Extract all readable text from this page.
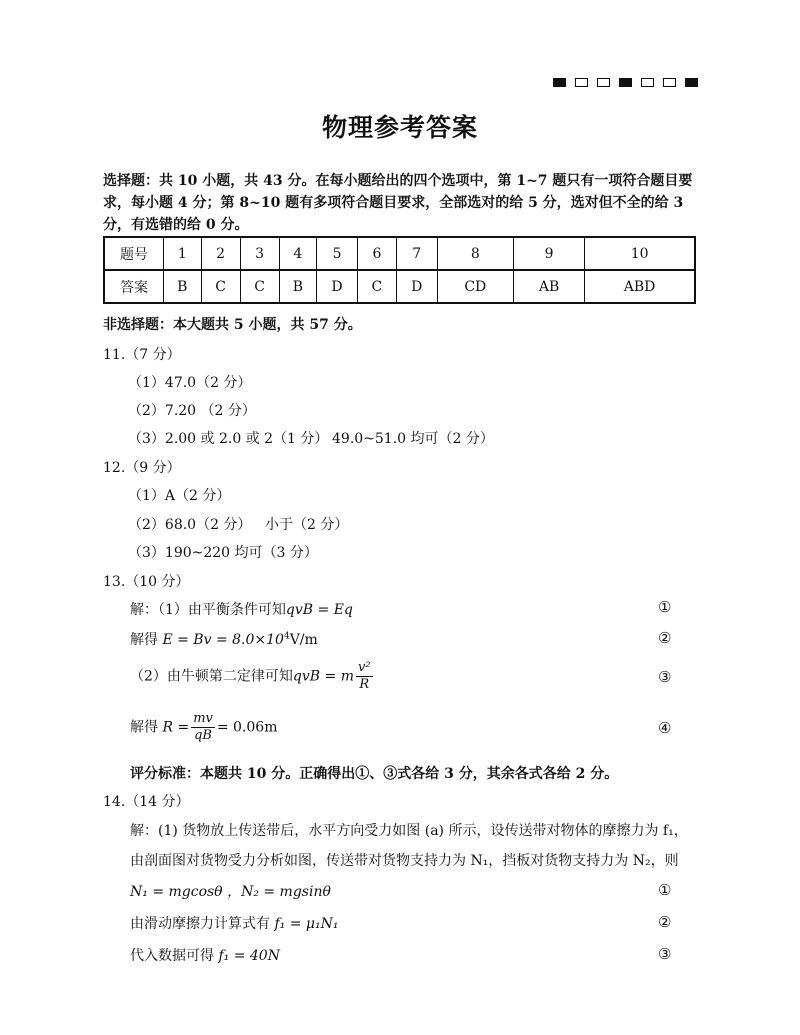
物理参考答案
选择题：共 10 小题，共 43 分。在每小题给出的四个选项中，第 1~7 题只有一项符合题目要求，每小题 4 分；第 8~10 题有多项符合题目要求，全部选对的给 5 分，选对但不全的给 3 分，有选错的给 0 分。
题号	1	2	3	4	5	6	7	8	9	10
答案	B	C	C	B	D	C	D	CD	AB	ABD
非选择题：本大题共 5 小题，共 57 分。
11.（7 分）
（1）47.0（2 分）
（2）7.20 （2 分）
（3）2.00 或 2.0 或 2（1 分） 49.0~51.0 均可（2 分）
12.（9 分）
（1）A（2 分）
（2）68.0（2 分） 小于（2 分）
（3）190~220 均可（3 分）
13.（10 分）
解：（1）由平衡条件可知qvB = Eq	①
解得 $E = Bv = 8.0\times 10^4V/m$	②
（2）由牛顿第二定律可知qvB = m $\frac{\text{v²}}{R}$	③
解得 $R = \frac{mv}{qB} = 0.06m$	④
评分标准：本题共 10 分。正确得出①、③式各给 3 分，其余各式各给 2 分。
14.（14 分）
解：(1) 货物放上传送带后，水平方向受力如图 (a) 所示，设传送带对物体的摩擦力为 f₁，
由剖面图对货物受力分析如图，传送带对货物支持力为 N₁，挡板对货物支持力为 N₂，则
N₁ = mgcosθ ，N₂ = mgsinθ	①
由滑动摩擦力计算式有 f₁ = μ₁N₁	②
代入数据可得 f₁ = 40N	③
